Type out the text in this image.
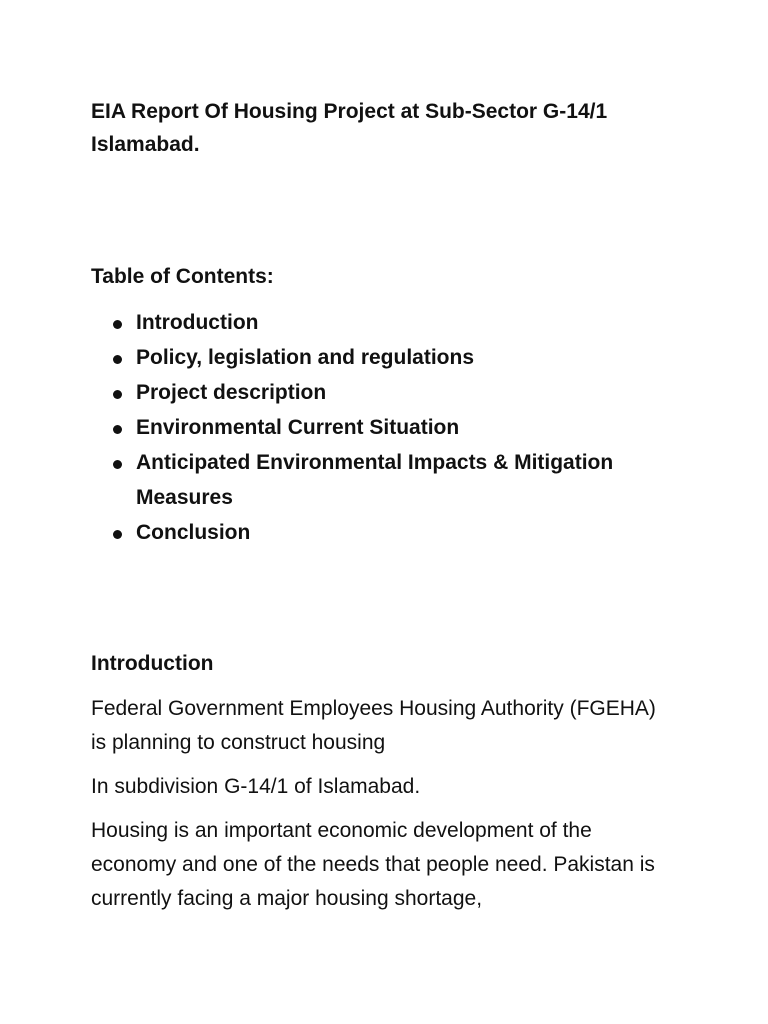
EIA Report Of Housing Project at Sub-Sector G-14/1 Islamabad.
Table of Contents:
Introduction
Policy, legislation and regulations
Project description
Environmental Current Situation
Anticipated Environmental Impacts & Mitigation Measures
Conclusion
Introduction

Federal Government Employees Housing Authority (FGEHA) is planning to construct housing

In subdivision G-14/1 of Islamabad.

Housing is an important economic development of the economy and one of the needs that people need. Pakistan is currently facing a major housing shortage,
